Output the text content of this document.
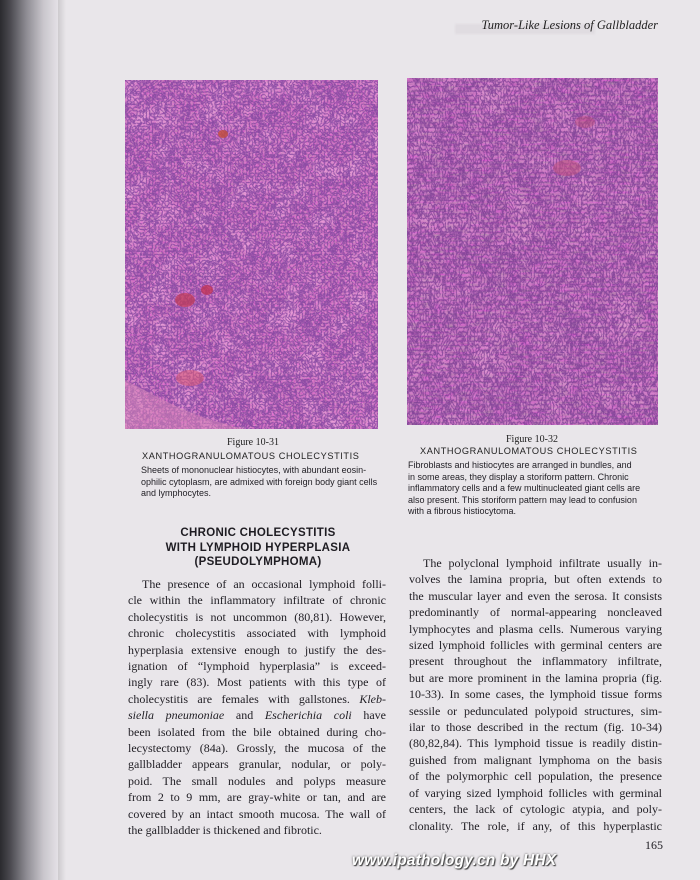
Tumor-Like Lesions of Gallbladder
Figure 10-31
XANTHOGRANULOMATOUS CHOLECYSTITIS

Sheets of mononuclear histiocytes, with abundant eosin-
ophilic cytoplasm, are admixed with foreign body giant cells
and lymphocytes.

Figure 10-32
XANTHOGRANULOMATOUS CHOLECYSTITIS

Fibroblasts and histiocytes are arranged in bundles, and
in some areas, they display a storiform pattern. Chronic
inflammatory cells and a few multinucleated giant cells are
also present. This storiform pattern may lead to confusion
with a fibrous histiocytoma.

CHRONIC CHOLECYSTITIS
WITH LYMPHOID HYPERPLASIA
(PSEUDOLYMPHOMA)
The presence of an occasional lymphoid folli-
cle within the inflammatory infiltrate of chronic
cholecystitis is not uncommon (80,81). However,
chronic cholecystitis associated with lymphoid
hyperplasia extensive enough to justify the des-
ignation of “lymphoid hyperplasia” is exceed-
ingly rare (83). Most patients with this type of
cholecystitis are females with gallstones. Kleb-
siella pneumoniae and Escherichia coli have
been isolated from the bile obtained during cho-
lecystectomy (84a). Grossly, the mucosa of the
gallbladder appears granular, nodular, or poly-
poid. The small nodules and polyps measure
from 2 to 9 mm, are gray-white or tan, and are
covered by an intact smooth mucosa. The wall of
the gallbladder is thickened and fibrotic.
The polyclonal lymphoid infiltrate usually in-
volves the lamina propria, but often extends to
the muscular layer and even the serosa. It consists
predominantly of normal-appearing noncleaved
lymphocytes and plasma cells. Numerous varying
sized lymphoid follicles with germinal centers are
present throughout the inflammatory infiltrate,
but are more prominent in the lamina propria (fig.
10-33). In some cases, the lymphoid tissue forms
sessile or pedunculated polypoid structures, sim-
ilar to those described in the rectum (fig. 10-34)
(80,82,84). This lymphoid tissue is readily distin-
guished from malignant lymphoma on the basis
of the polymorphic cell population, the presence
of varying sized lymphoid follicles with germinal
centers, the lack of cytologic atypia, and poly-
clonality. The role, if any, of this hyperplastic
165
www.ipathology.cn by HHX
